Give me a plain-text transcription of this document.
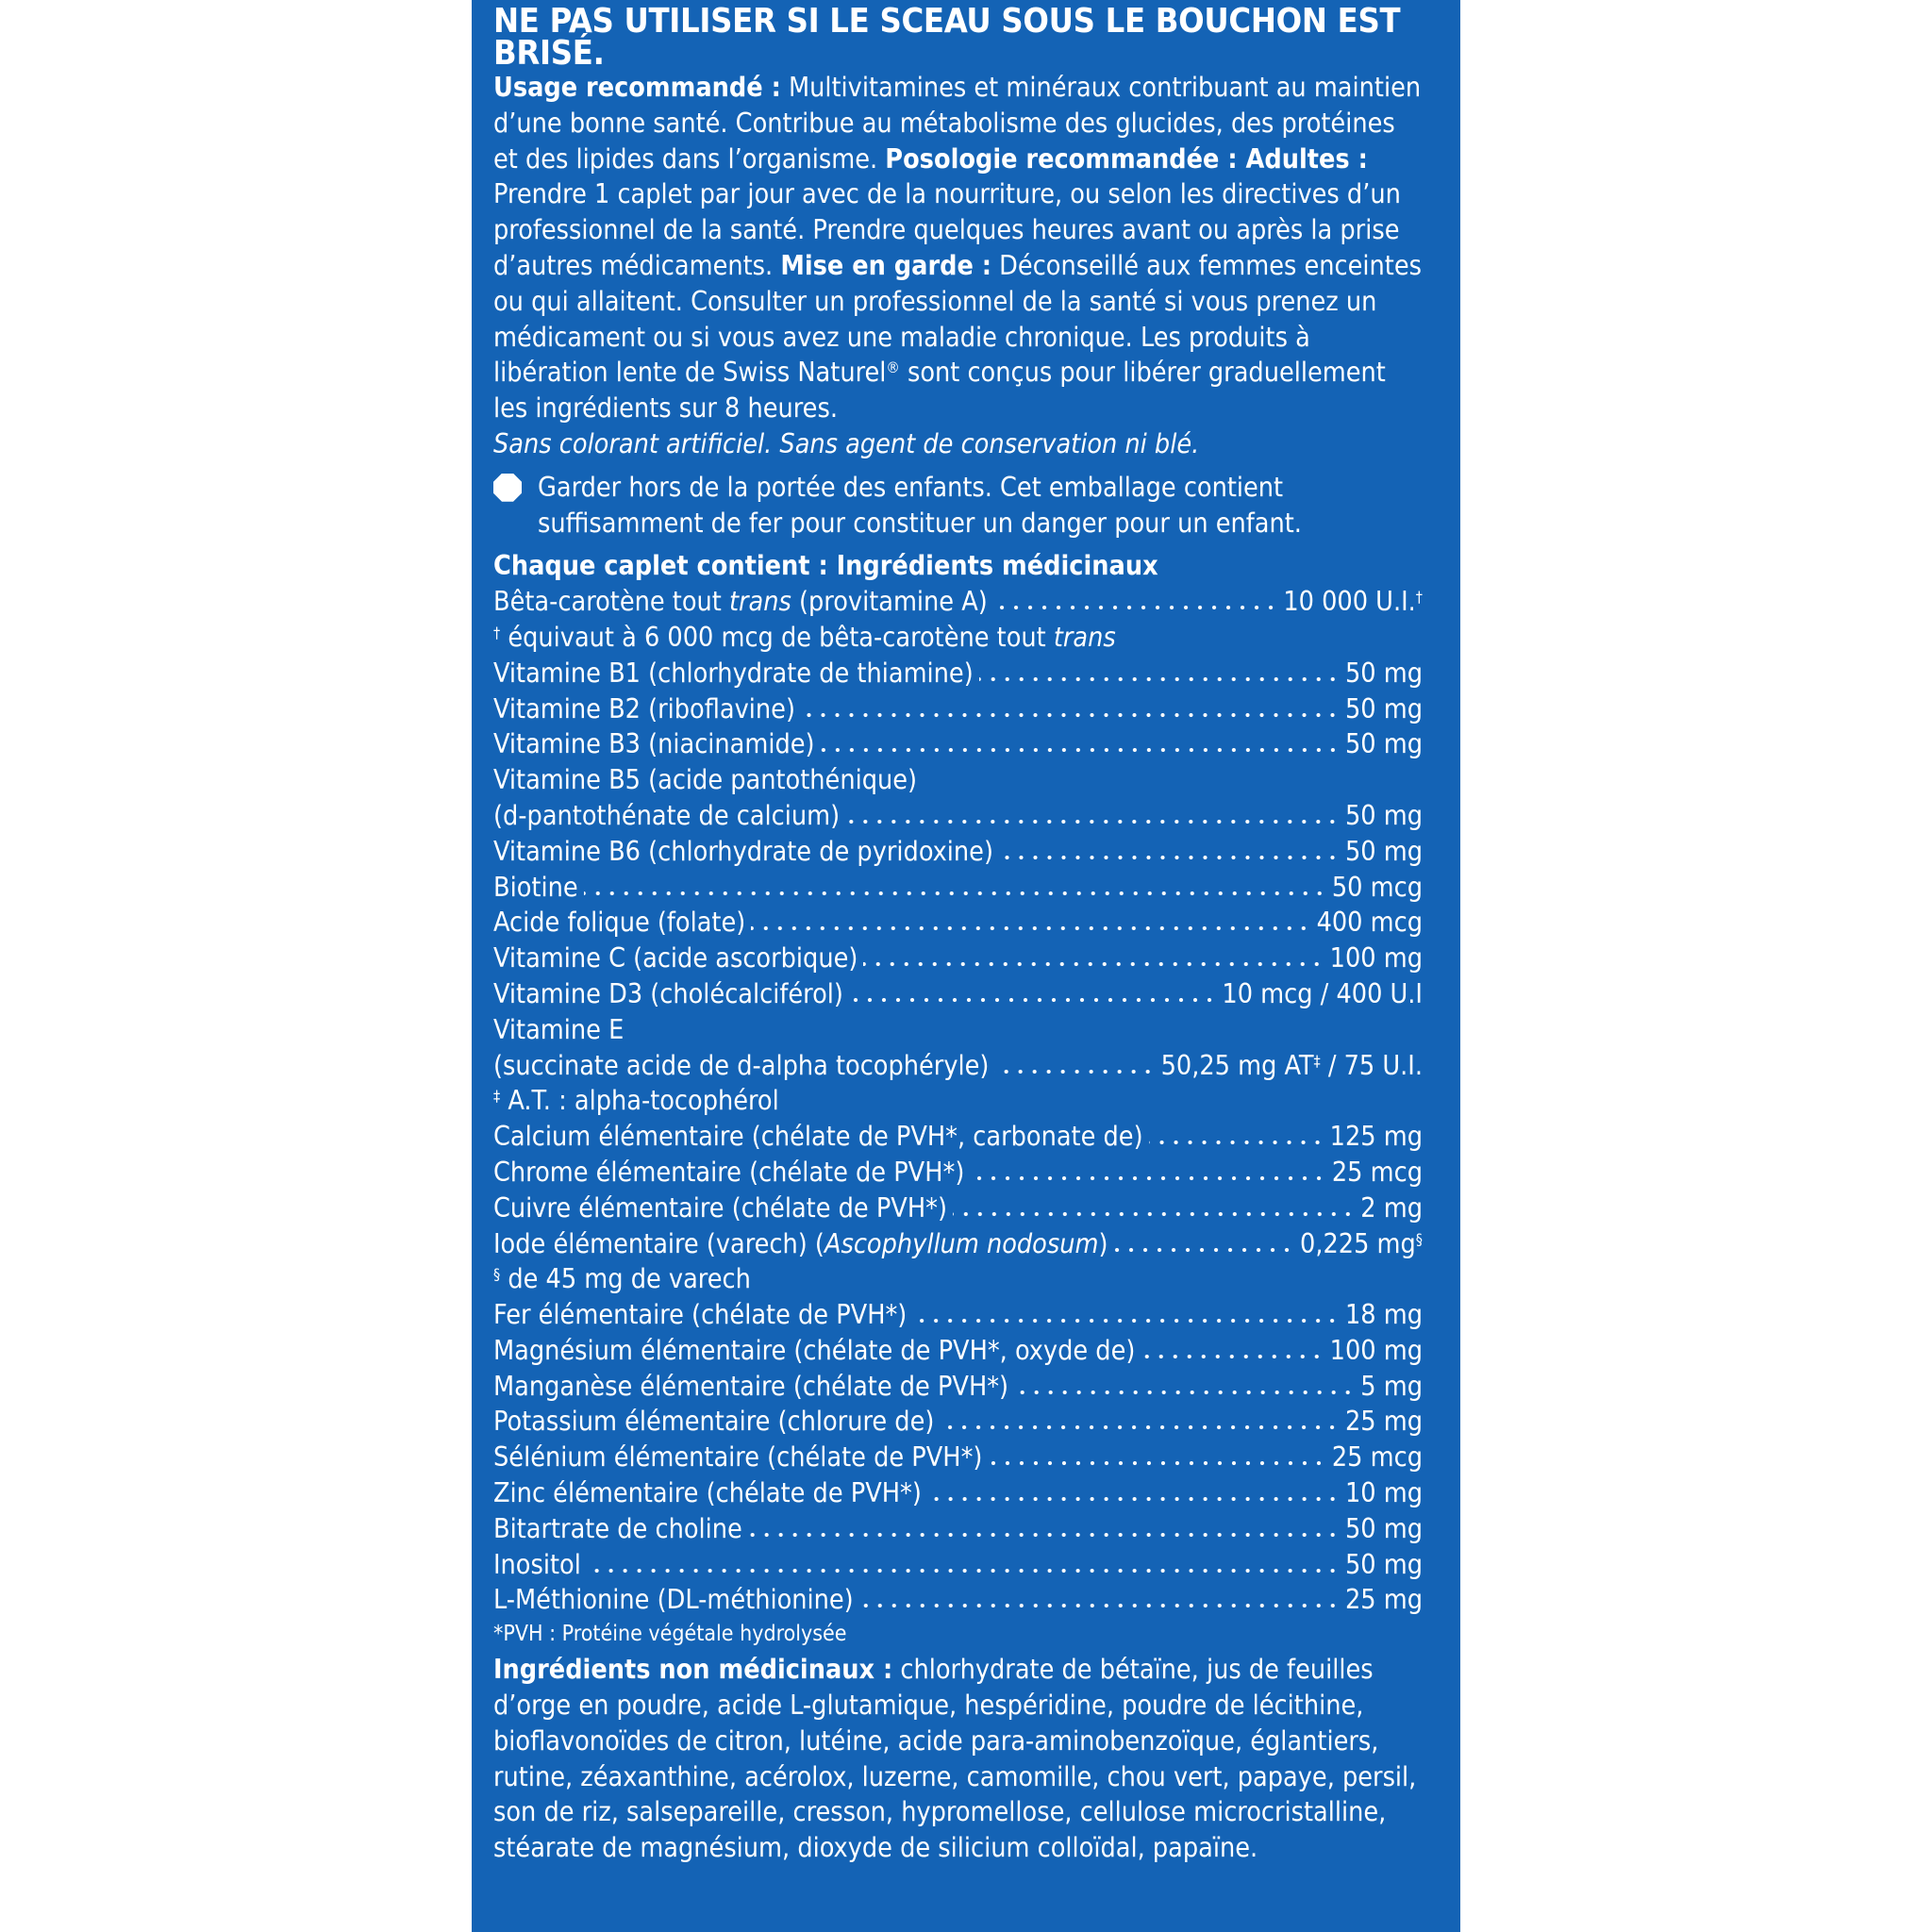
NE PAS UTILISER SI LE SCEAU SOUS LE BOUCHON EST BRISÉ.

Usage recommandé : Multivitamines et minéraux contribuant au maintien d’une bonne santé. Contribue au métabolisme des glucides, des protéines et des lipides dans l’organisme. Posologie recommandée : Adultes : Prendre 1 caplet par jour avec de la nourriture, ou selon les directives d’un professionnel de la santé. Prendre quelques heures avant ou après la prise d’autres médicaments. Mise en garde : Déconseillé aux femmes enceintes ou qui allaitent. Consulter un professionnel de la santé si vous prenez un médicament ou si vous avez une maladie chronique. Les produits à libération lente de Swiss Naturel® sont conçus pour libérer graduellement les ingrédients sur 8 heures.
Sans colorant artificiel. Sans agent de conservation ni blé.

Garder hors de la portée des enfants. Cet emballage contient suffisamment de fer pour constituer un danger pour un enfant.
Chaque caplet contient : Ingrédients médicinaux
Bêta-carotène tout trans (provitamine A)	10 000 U.I.†
† équivaut à 6 000 mcg de bêta-carotène tout trans
Vitamine B1 (chlorhydrate de thiamine)	50 mg
Vitamine B2 (riboflavine)	50 mg
Vitamine B3 (niacinamide)	50 mg
Vitamine B5 (acide pantothénique)
(d-pantothénate de calcium)	50 mg
Vitamine B6 (chlorhydrate de pyridoxine)	50 mg
Biotine	50 mcg
Acide folique (folate)	400 mcg
Vitamine C (acide ascorbique)	100 mg
Vitamine D3 (cholécalciférol)	10 mcg / 400 U.I
Vitamine E
(succinate acide de d-alpha tocophéryle)	50,25 mg AT‡ / 75 U.I.
‡ A.T. : alpha-tocophérol
Calcium élémentaire (chélate de PVH*, carbonate de)	125 mg
Chrome élémentaire (chélate de PVH*)	25 mcg
Cuivre élémentaire (chélate de PVH*)	2 mg
Iode élémentaire (varech) (Ascophyllum nodosum)	0,225 mg§
§ de 45 mg de varech
Fer élémentaire (chélate de PVH*)	18 mg
Magnésium élémentaire (chélate de PVH*, oxyde de)	100 mg
Manganèse élémentaire (chélate de PVH*)	5 mg
Potassium élémentaire (chlorure de)	25 mg
Sélénium élémentaire (chélate de PVH*)	25 mcg
Zinc élémentaire (chélate de PVH*)	10 mg
Bitartrate de choline	50 mg
Inositol	50 mg
L-Méthionine (DL-méthionine)	25 mg
*PVH : Protéine végétale hydrolysée

Ingrédients non médicinaux : chlorhydrate de bétaïne, jus de feuilles d’orge en poudre, acide L-glutamique, hespéridine, poudre de lécithine, bioflavonoïdes de citron, lutéine, acide para-aminobenzoïque, églantiers, rutine, zéaxanthine, acérolox, luzerne, camomille, chou vert, papaye, persil, son de riz, salsepareille, cresson, hypromellose, cellulose microcristalline, stéarate de magnésium, dioxyde de silicium colloïdal, papaïne.
